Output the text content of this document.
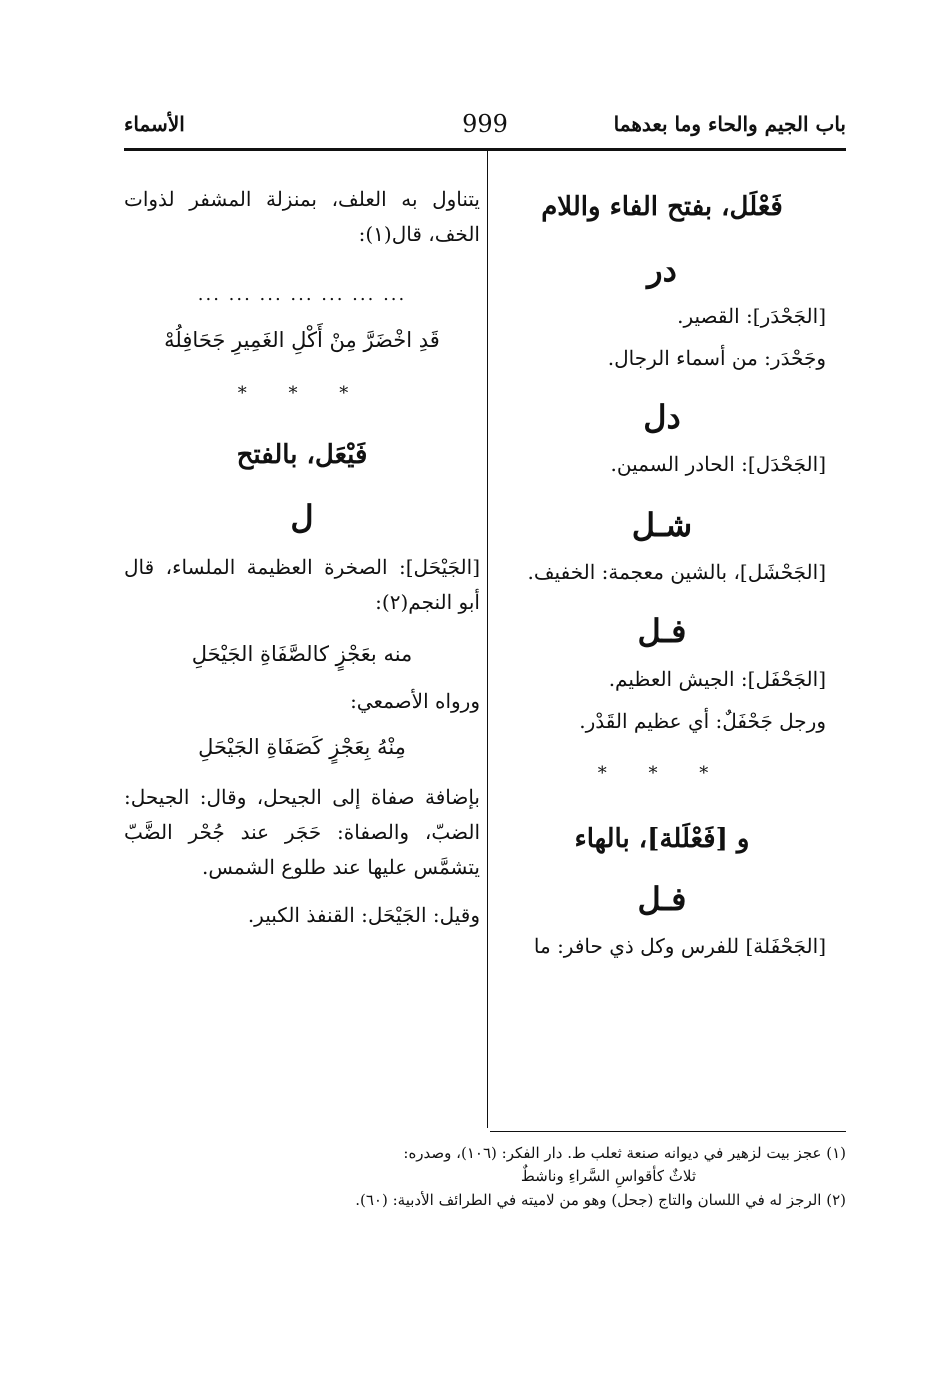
باب الجيم والحاء وما بعدهما
999
الأسماء
فَعْلَل، بفتح الفاء واللام
در
[الجَحْدَر]: القصير.
وجَحْدَر: من أسماء الرجال.
دل
[الجَحْدَل]: الحادر السمين.
شـل
[الجَحْشَل]، بالشين معجمة: الخفيف.
فـل
[الجَحْفَل]: الجيش العظيم.
ورجل جَحْفَلٌ: أي عظيم القَدْر.
* * *
و [فَعْلَلة]، بالهاء
فـل
[الجَحْفَلة] للفرس وكل ذي حافر: ما
يتناول به العلف، بمنزلة المشفر لذوات الخف، قال(١):
... ... ... ... ... ... ...
قَدِ اخْضَرَّ مِنْ أَكْلِ الغَمِيرِ جَحَافِلُهْ
* * *
فَيْعَل، بالفتح
ل
[الجَيْحَل]: الصخرة العظيمة الملساء، قال أبو النجم(٢):
منه بعَجْزٍ كالصَّفَاةِ الجَيْحَلِ
ورواه الأصمعي:
مِنْهُ بِعَجْزٍ كَصَفَاةِ الجَيْحَلِ
بإضافة صفاة إلى الجيحل، وقال: الجيحل: الضبّ، والصفاة: حَجَر عند جُحْر الضَّبّ يتشمَّس عليها عند طلوع الشمس.
وقيل: الجَيْحَل: القنفذ الكبير.
(١) عجز بيت لزهير في ديوانه صنعة ثعلب ط. دار الفكر: (١٠٦)، وصدره:
ثلاثٌ كأقواسِ السَّراءِ وناشطٌ
(٢) الرجز له في اللسان والتاج (جحل) وهو من لاميته في الطرائف الأدبية: (٦٠).
